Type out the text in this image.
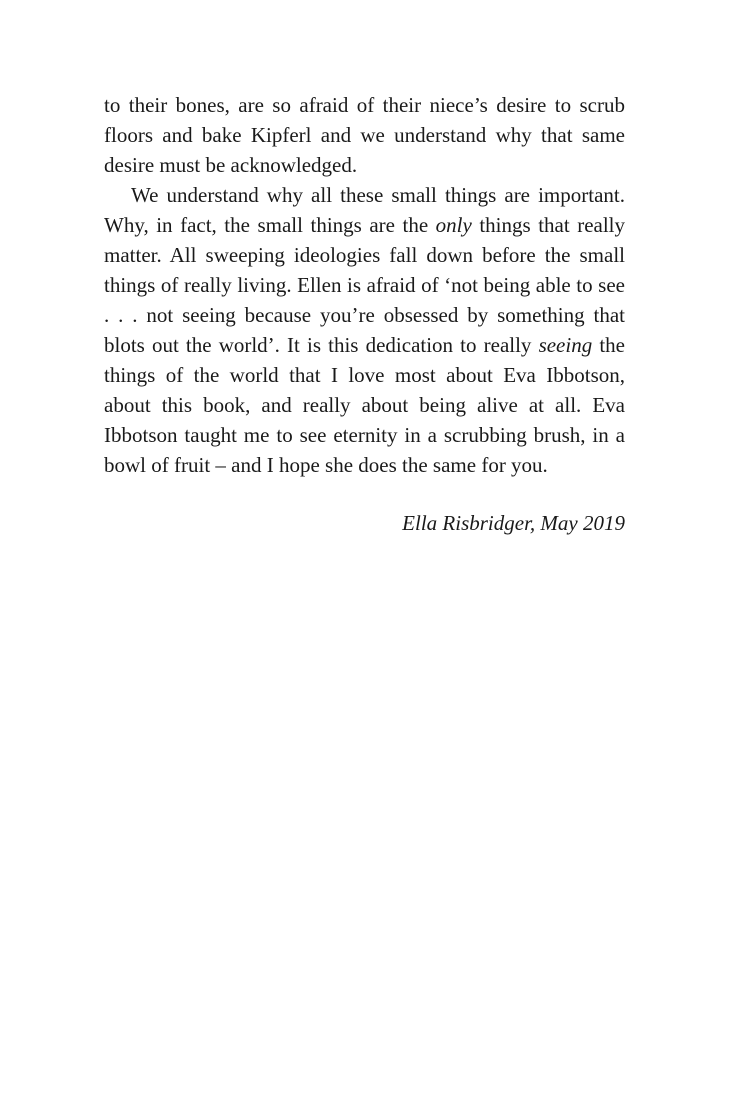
to their bones, are so afraid of their niece’s desire to scrub floors and bake Kipferl and we understand why that same desire must be acknowledged.

We understand why all these small things are important. Why, in fact, the small things are the only things that really matter. All sweeping ideologies fall down before the small things of really living. Ellen is afraid of ‘not being able to see . . . not seeing because you’re obsessed by something that blots out the world’. It is this dedication to really seeing the things of the world that I love most about Eva Ibbotson, about this book, and really about being alive at all. Eva Ibbotson taught me to see eternity in a scrubbing brush, in a bowl of fruit – and I hope she does the same for you.

Ella Risbridger, May 2019
